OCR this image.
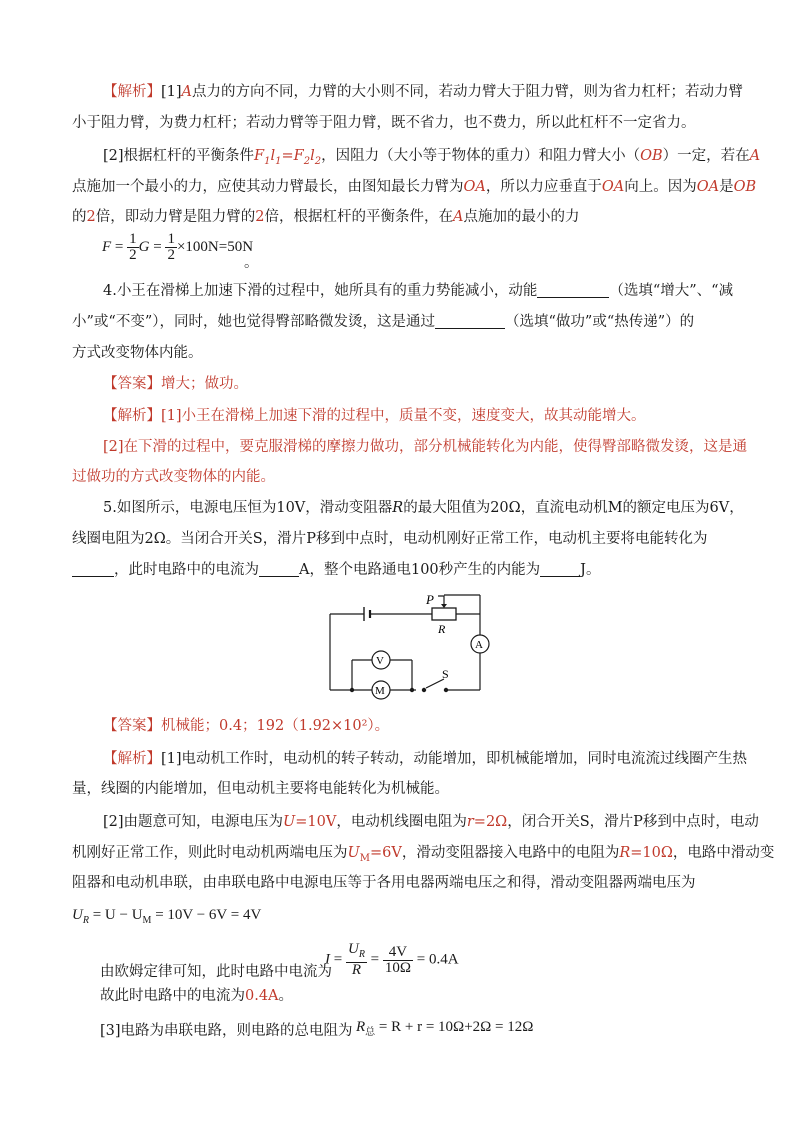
【解析】[1]A点力的方向不同，力臂的大小则不同，若动力臂大于阻力臂，则为省力杠杆；若动力臂
小于阻力臂，为费力杠杆；若动力臂等于阻力臂，既不省力，也不费力，所以此杠杆不一定省力。
[2]根据杠杆的平衡条件$F_1l_1=F_2l_2$，因阻力（大小等于物体的重力）和阻力臂大小（OB）一定，若在A
点施加一个最小的力，应使其动力臂最长，由图知最长力臂为OA，所以力应垂直于OA向上。因为OA是OB
的2倍，即动力臂是阻力臂的2倍，根据杠杆的平衡条件，在A点施加的最小的力
$F = \frac{1}{2}$ $G = \frac{1}{2} \times 100N=50N$
。
4.小王在滑梯上加速下滑的过程中，她所具有的重力势能减小，动能	（选填“增大”、“减
小”或“不变”），同时，她也觉得臀部略微发烫，这是通过	（选填“做功”或“热传递”）的
方式改变物体内能。
【答案】增大；做功。
【解析】[1]小王在滑梯上加速下滑的过程中，质量不变，速度变大，故其动能增大。
[2]在下滑的过程中，要克服滑梯的摩擦力做功，部分机械能转化为内能，使得臀部略微发烫，这是通
过做功的方式改变物体的内能。
5.如图所示，电源电压恒为10V，滑动变阻器R的最大阻值为20Ω，直流电动机M的额定电压为6V，
线圈电阻为2Ω。当闭合开关S，滑片P移到中点时，电动机刚好正常工作，电动机主要将电能转化为
，此时电路中的电流为	A，整个电路通电100秒产生的内能为	J。
P
R
A
V
M
S
【答案】机械能；0.4；192（1.92×10²）。
【解析】[1]电动机工作时，电动机的转子转动，动能增加，即机械能增加，同时电流流过线圈产生热
量，线圈的内能增加，但电动机主要将电能转化为机械能。
[2]由题意可知，电源电压为U=10V，电动机线圈电阻为r=2Ω，闭合开关S，滑片P移到中点时，电动
机刚好正常工作，则此时电动机两端电压为$U_M=6V$，滑动变阻器接入电路中的电阻为R=10Ω，电路中滑动变
阻器和电动机串联，由串联电路中电源电压等于各用电器两端电压之和得，滑动变阻器两端电压为
$U_R = U - U_M = 10V - 6V = 4V$
$I = \frac{U_R}{R} = \frac{4V}{10\Omega} = 0.4A$
由欧姆定律可知，此时电路中电流为
故此时电路中的电流为0.4A。
[3]电路为串联电路，则电路的总电阻为 $R_总 = R + r = 10\Omega+2\Omega = 12\Omega$
